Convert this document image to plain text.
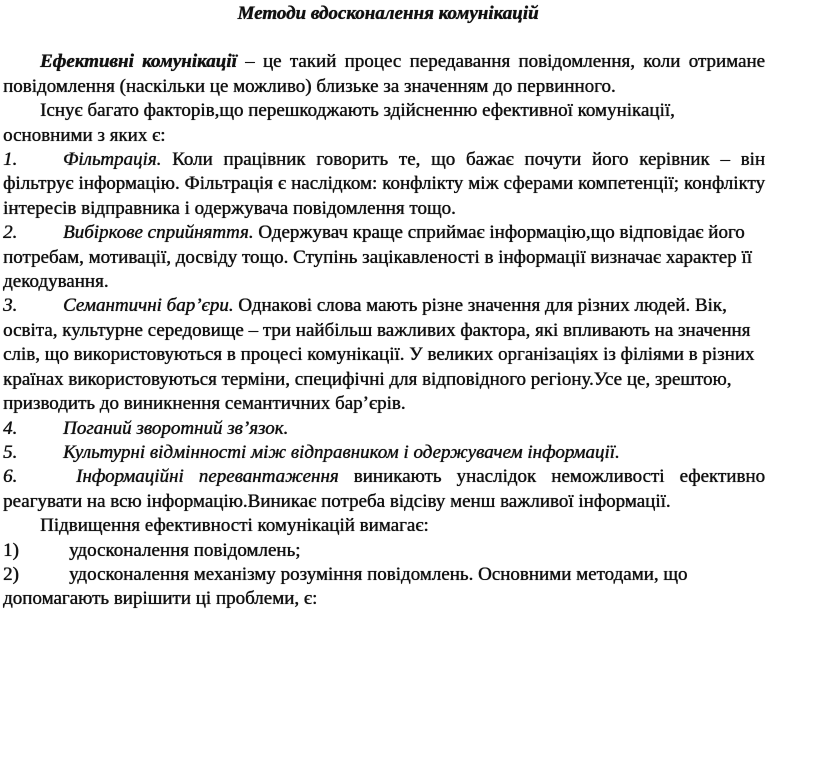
Методи вдосконалення комунікацій

Ефективні комунікації – це такий процес передавання повідомлення, коли отримане повідомлення (наскільки це можливо) близьке за значенням до первинного.

Існує багато факторів,що перешкоджають здійсненню ефективної комунікації, основними з яких є:

1. Фільтрація. Коли працівник говорить те, що бажає почути його керівник – він фільтрує інформацію. Фільтрація є наслідком: конфлікту між сферами компетенції; конфлікту інтересів відправника і одержувача повідомлення тощо.

2. Вибіркове сприйняття. Одержувач краще сприймає інформацію,що відповідає його потребам, мотивації, досвіду тощо. Ступінь зацікавленості в інформації визначає характер її декодування.

3. Семантичні бар’єри. Однакові слова мають різне значення для різних людей. Вік, освіта, культурне середовище – три найбільш важливих фактора, які впливають на значення слів, що використовуються в процесі комунікації. У великих організаціях із філіями в різних країнах використовуються терміни, специфічні для відповідного регіону.Усе це, зрештою, призводить до виникнення семантичних бар’єрів.

4. Поганий зворотний зв’язок.

5. Культурні відмінності між відправником і одержувачем інформації.

6.	Інформаційні перевантаження виникають унаслідок неможливості ефективно реагувати на всю інформацію.Виникає потреба відсіву менш важливої інформації.

Підвищення ефективності комунікацій вимагає:

1)	удосконалення повідомлень;

2)	удосконалення механізму розуміння повідомлень. Основними методами, що допомагають вирішити ці проблеми, є:
